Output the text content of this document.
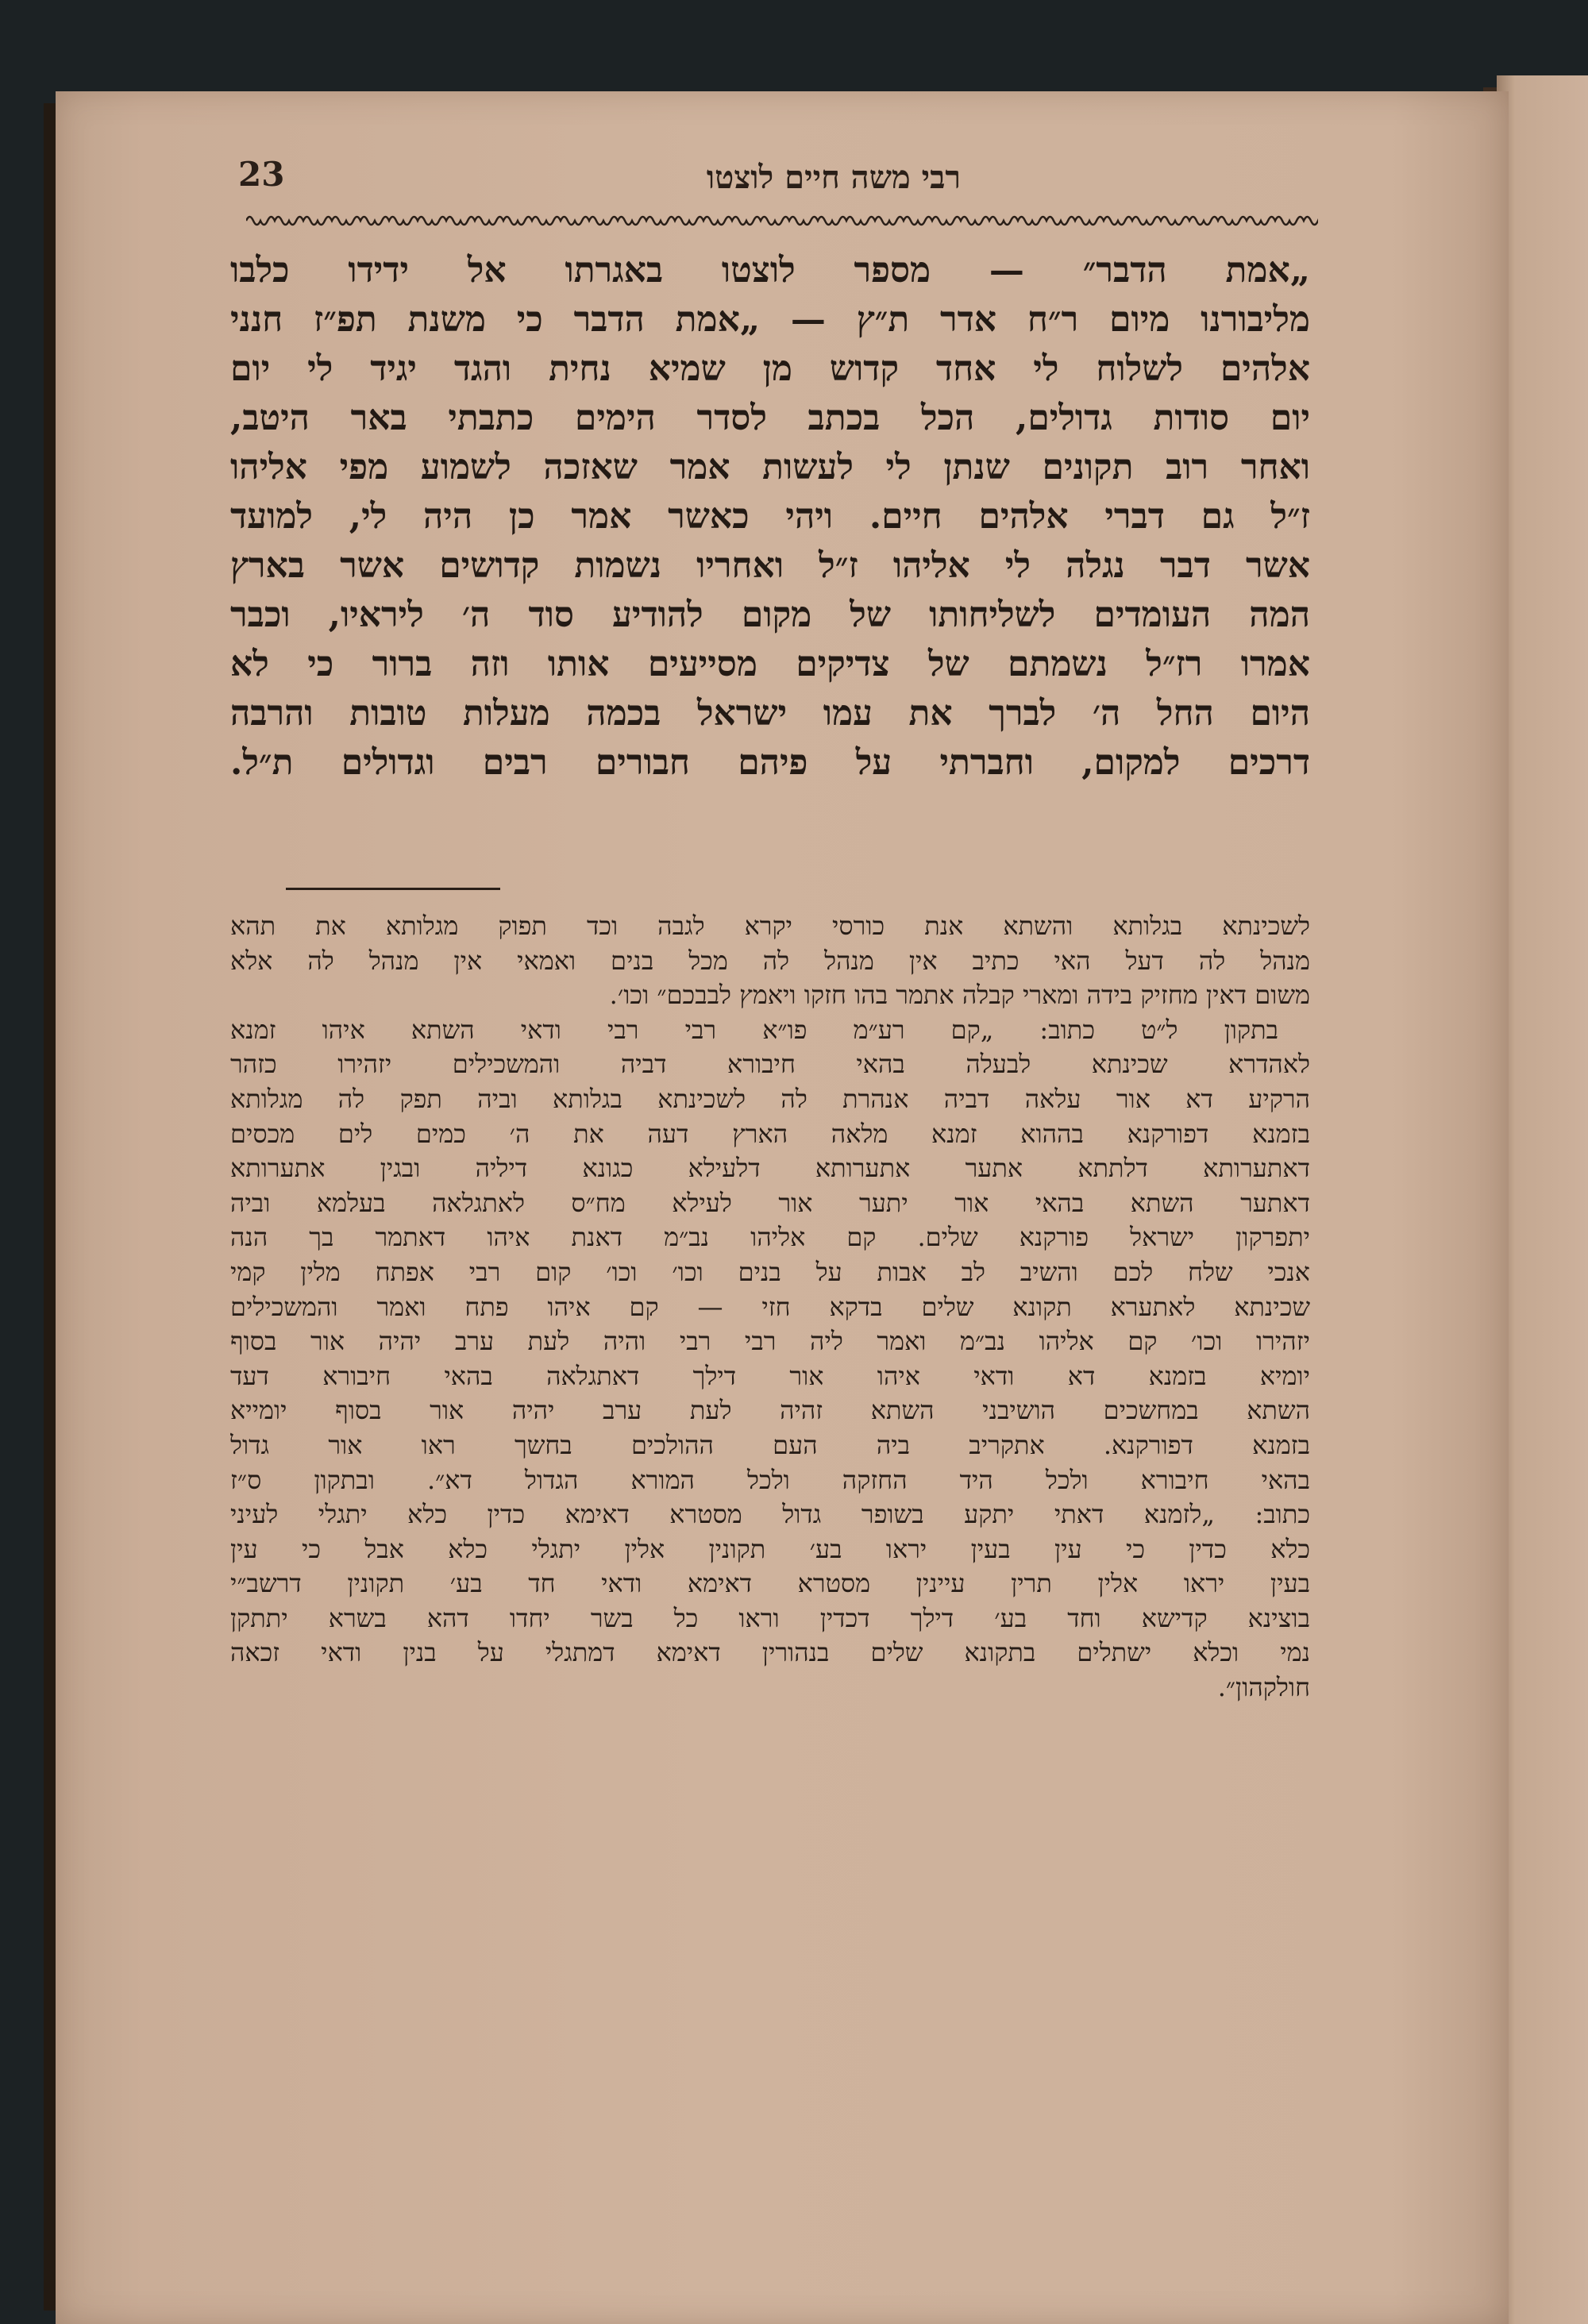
23	רבי משה חיים לוצטו
„אמת הדבר״ — מספר לוצטו באגרתו אל ידידו כלבו
מליבורנו מיום ר״ח אדר ת״ץ — „אמת הדבר כי משנת תפ״ז חנני
אלהים לשלוח לי אחד קדוש מן שמיא נחית והגד יגיד לי יום
יום סודות גדולים, הכל בכתב לסדר הימים כתבתי באר היטב,
ואחר רוב תקונים שנתן לי לעשות אמר שאזכה לשמוע מפי אליהו
ז״ל גם דברי אלהים חיים. ויהי כאשר אמר כן היה לי, למועד
אשר דבר נגלה לי אליהו ז״ל ואחריו נשמות קדושים אשר בארץ
המה העומדים לשליחותו של מקום להודיע סוד ה׳ ליראיו, וכבר
אמרו רז״ל נשמתם של צדיקים מסייעים אותו וזה ברור כי לא
היום החל ה׳ לברך את עמו ישראל בכמה מעלות טובות והרבה
דרכים למקום, וחברתי על פיהם חבורים רבים וגדולים ת״ל.
לשכינתא בגלותא והשתא אנת כורסי יקרא לגבה וכד תפוק מגלותא את תהא
מנהל לה דעל האי כתיב אין מנהל לה מכל בנים ואמאי אין מנהל לה אלא
משום דאין מחזיק בידה ומארי קבלה אתמר בהו חזקו ויאמץ לבבכם״ וכו׳.
בתקון ל״ט כתוב: „קם רע״מ פו״א רבי רבי ודאי השתא איהו זמנא
לאהדרא שכינתא לבעלה בהאי חיבורא דביה והמשכילים יזהירו כזהר
הרקיע דא אור עלאה דביה אנהרת לה לשכינתא בגלותא וביה תפק לה מגלותא
בזמנא דפורקנא בההוא זמנא מלאה הארץ דעה את ה׳ כמים לים מכסים
דאתערותא דלתתא אתער אתערותא דלעילא כגונא דיליה ובגין אתערותא
דאתער השתא בהאי אור יתער אור לעילא מח״ס לאתגלאה בעלמא וביה
יתפרקון ישראל פורקנא שלים. קם אליהו נב״מ דאנת איהו דאתמר בך הנה
אנכי שלח לכם והשיב לב אבות על בנים וכו׳ וכו׳ קום רבי אפתח מלין קמי
שכינתא לאתערא תקונא שלים בדקא חזי — קם איהו פתח ואמר והמשכילים
יזהירו וכו׳ קם אליהו נב״מ ואמר ליה רבי רבי והיה לעת ערב יהיה אור בסוף
יומיא בזמנא דא ודאי איהו אור דילך דאתגלאה בהאי חיבורא דעד
השתא במחשכים הושיבני השתא זהיה לעת ערב יהיה אור בסוף יומייא
בזמנא דפורקנא. אתקריב ביה העם ההולכים בחשך ראו אור גדול
בהאי חיבורא ולכל היד החזקה ולכל המורא הגדול דא״. ובתקון ס״ז
כתוב: „לזמנא דאתי יתקע בשופר גדול מסטרא דאימא כדין כלא יתגלי לעיני
כלא כדין כי עין בעין יראו בע׳ תקונין אלין יתגלי כלא אבל כי עין
בעין יראו אלין תרין עיינין מסטרא דאימא ודאי חד בע׳ תקונין דרשב״י
בוצינא קדישא וחד בע׳ דילך דכדין וראו כל בשר יחדו דהא בשרא יתתקן
נמי וכלא ישתלים בתקונא שלים בנהורין דאימא דמתגלי על בנין ודאי זכאה
חולקהון״.
